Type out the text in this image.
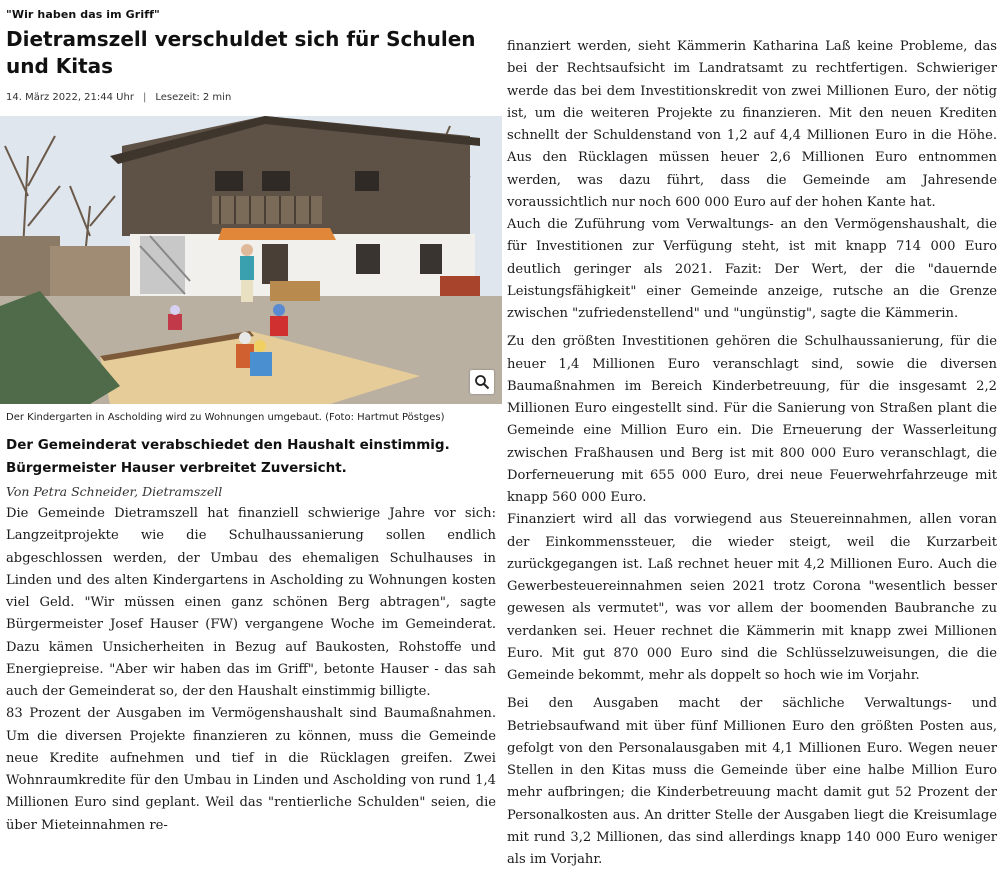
"Wir haben das im Griff"
Dietramszell verschuldet sich für Schulen und Kitas
14. März 2022, 21:44 Uhr | Lesezeit: 2 min
Der Kindergarten in Ascholding wird zu Wohnungen umgebaut. (Foto: Hartmut Pöstges)

Der Gemeinderat verabschiedet den Haushalt einstimmig. Bürgermeister Hauser verbreitet Zuversicht.

Von Petra Schneider, Dietramszell

Die Gemeinde Dietramszell hat finanziell schwierige Jahre vor sich: Langzeitprojekte wie die Schulhaussanierung sollen endlich abgeschlossen werden, der Umbau des ehemaligen Schulhauses in Linden und des alten Kindergartens in Ascholding zu Wohnungen kosten viel Geld. "Wir müssen einen ganz schönen Berg abtragen", sagte Bürgermeister Josef Hauser (FW) vergangene Woche im Gemeinderat. Dazu kämen Unsicherheiten in Bezug auf Baukosten, Rohstoffe und Energiepreise. "Aber wir haben das im Griff", betonte Hauser - das sah auch der Gemeinderat so, der den Haushalt einstimmig billigte.

83 Prozent der Ausgaben im Vermögenshaushalt sind Baumaßnahmen. Um die diversen Projekte finanzieren zu können, muss die Gemeinde neue Kredite aufnehmen und tief in die Rücklagen greifen. Zwei Wohnraumkredite für den Umbau in Linden und Ascholding von rund 1,4 Millionen Euro sind geplant. Weil das "rentierliche Schulden" seien, die über Mieteinnahmen re-

finanziert werden, sieht Kämmerin Katharina Laß keine Probleme, das bei der Rechtsaufsicht im Landratsamt zu rechtfertigen. Schwieriger werde das bei dem Investitionskredit von zwei Millionen Euro, der nötig ist, um die weiteren Projekte zu finanzieren. Mit den neuen Krediten schnellt der Schuldenstand von 1,2 auf 4,4 Millionen Euro in die Höhe. Aus den Rücklagen müssen heuer 2,6 Millionen Euro entnommen werden, was dazu führt, dass die Gemeinde am Jahresende voraussichtlich nur noch 600 000 Euro auf der hohen Kante hat.

Auch die Zuführung vom Verwaltungs- an den Vermögenshaushalt, die für Investitionen zur Verfügung steht, ist mit knapp 714 000 Euro deutlich geringer als 2021. Fazit: Der Wert, der die "dauernde Leistungsfähigkeit" einer Gemeinde anzeige, rutsche an die Grenze zwischen "zufriedenstellend" und "ungünstig", sagte die Kämmerin.

Zu den größten Investitionen gehören die Schulhaussanierung, für die heuer 1,4 Millionen Euro veranschlagt sind, sowie die diversen Baumaßnahmen im Bereich Kinderbetreuung, für die insgesamt 2,2 Millionen Euro eingestellt sind. Für die Sanierung von Straßen plant die Gemeinde eine Million Euro ein. Die Erneuerung der Wasserleitung zwischen Fraßhausen und Berg ist mit 800 000 Euro veranschlagt, die Dorferneuerung mit 655 000 Euro, drei neue Feuerwehrfahrzeuge mit knapp 560 000 Euro.

Finanziert wird all das vorwiegend aus Steuereinnahmen, allen voran der Einkommenssteuer, die wieder steigt, weil die Kurzarbeit zurückgegangen ist. Laß rechnet heuer mit 4,2 Millionen Euro. Auch die Gewerbesteuereinnahmen seien 2021 trotz Corona "wesentlich besser gewesen als vermutet", was vor allem der boomenden Baubranche zu verdanken sei. Heuer rechnet die Kämmerin mit knapp zwei Millionen Euro. Mit gut 870 000 Euro sind die Schlüsselzuweisungen, die die Gemeinde bekommt, mehr als doppelt so hoch wie im Vorjahr.

Bei den Ausgaben macht der sächliche Verwaltungs- und Betriebsaufwand mit über fünf Millionen Euro den größten Posten aus, gefolgt von den Personalausgaben mit 4,1 Millionen Euro. Wegen neuer Stellen in den Kitas muss die Gemeinde über eine halbe Million Euro mehr aufbringen; die Kinderbetreuung macht damit gut 52 Prozent der Personalkosten aus. An dritter Stelle der Ausgaben liegt die Kreisumlage mit rund 3,2 Millionen, das sind allerdings knapp 140 000 Euro weniger als im Vorjahr.
